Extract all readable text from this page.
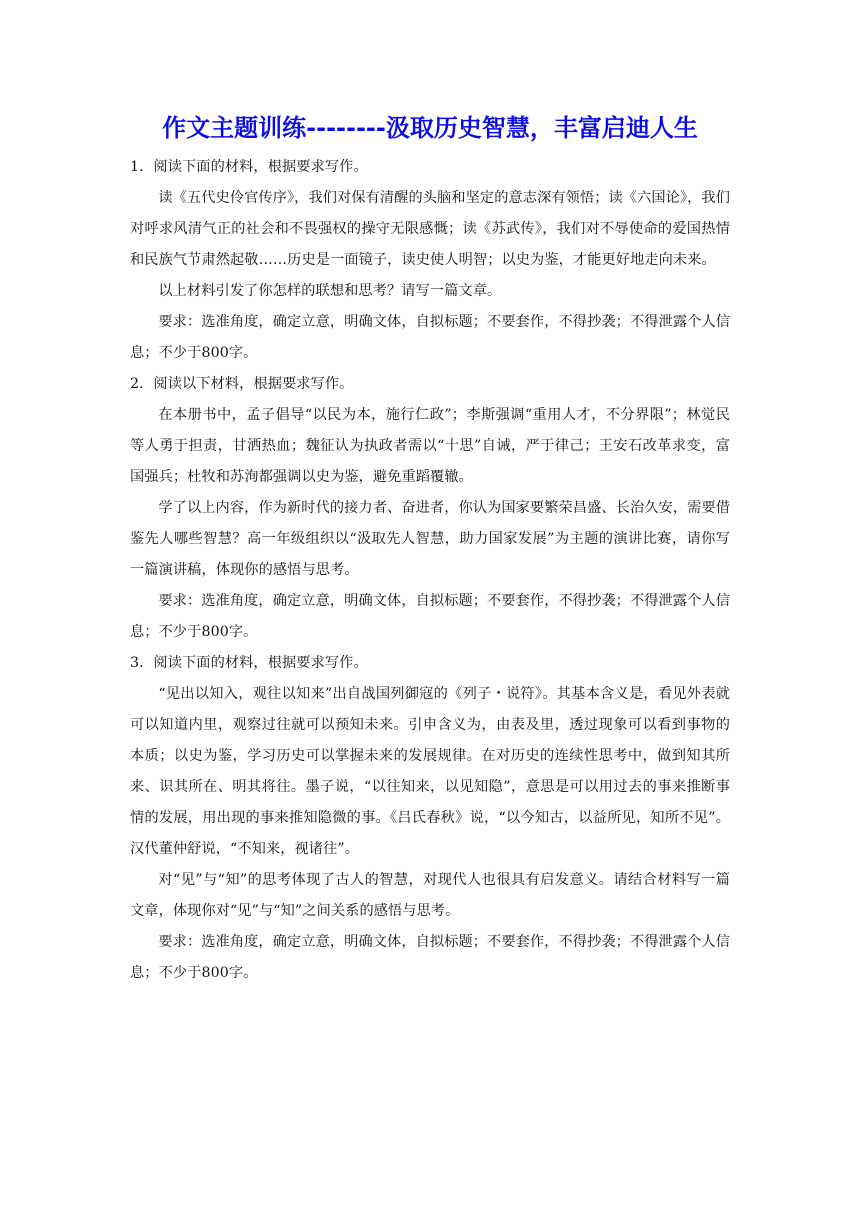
作文主题训练--------汲取历史智慧，丰富启迪人生

1．阅读下面的材料，根据要求写作。

读《五代史伶官传序》，我们对保有清醒的头脑和坚定的意志深有领悟；读《六国论》，我们对呼求风清气正的社会和不畏强权的操守无限感慨；读《苏武传》，我们对不辱使命的爱国热情和民族气节肃然起敬……历史是一面镜子，读史使人明智；以史为鉴，才能更好地走向未来。

以上材料引发了你怎样的联想和思考？请写一篇文章。

要求：选准角度，确定立意，明确文体，自拟标题；不要套作，不得抄袭；不得泄露个人信息；不少于800字。

2．阅读以下材料，根据要求写作。

在本册书中，孟子倡导“以民为本，施行仁政”；李斯强调“重用人才，不分界限”；林觉民等人勇于担责，甘洒热血；魏征认为执政者需以“十思”自诫，严于律己；王安石改革求变，富国强兵；杜牧和苏洵都强调以史为鉴，避免重蹈覆辙。

学了以上内容，作为新时代的接力者、奋进者，你认为国家要繁荣昌盛、长治久安，需要借鉴先人哪些智慧？高一年级组织以“汲取先人智慧，助力国家发展”为主题的演讲比赛，请你写一篇演讲稿，体现你的感悟与思考。

要求：选准角度，确定立意，明确文体，自拟标题；不要套作，不得抄袭；不得泄露个人信息；不少于800字。

3．阅读下面的材料，根据要求写作。

“见出以知入，观往以知来”出自战国列御寇的《列子・说符》。其基本含义是，看见外表就可以知道内里，观察过往就可以预知未来。引申含义为，由表及里，透过现象可以看到事物的本质；以史为鉴，学习历史可以掌握未来的发展规律。在对历史的连续性思考中，做到知其所来、识其所在、明其将往。墨子说，“以往知来，以见知隐”，意思是可以用过去的事来推断事情的发展，用出现的事来推知隐微的事。《吕氏春秋》说，“以今知古，以益所见，知所不见”。汉代董仲舒说，“不知来，视诸往”。

对“见”与“知”的思考体现了古人的智慧，对现代人也很具有启发意义。请结合材料写一篇文章，体现你对“见”与“知”之间关系的感悟与思考。

要求：选准角度，确定立意，明确文体，自拟标题；不要套作，不得抄袭；不得泄露个人信息；不少于800字。
